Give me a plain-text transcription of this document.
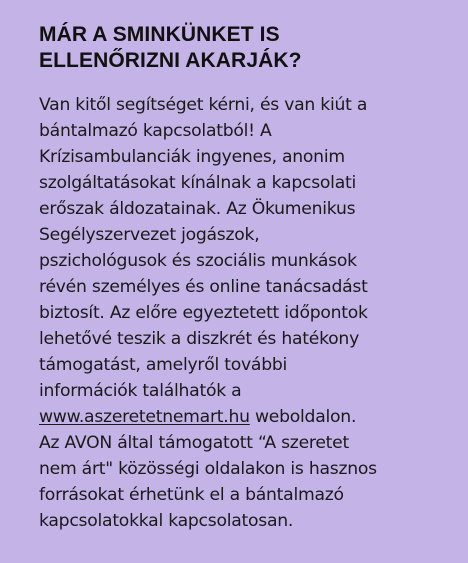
MÁR A SMINKÜNKET IS
ELLENŐRIZNI AKARJÁK?
Van kitől segítséget kérni, és van kiút a
bántalmazó kapcsolatból! A
Krízisambulanciák ingyenes, anonim
szolgáltatásokat kínálnak a kapcsolati
erőszak áldozatainak. Az Ökumenikus
Segélyszervezet jogászok,
pszichológusok és szociális munkások
révén személyes és online tanácsadást
biztosít. Az előre egyeztetett időpontok
lehetővé teszik a diszkrét és hatékony
támogatást, amelyről további
információk találhatók a
www.aszeretetnemart.hu weboldalon.
Az AVON által támogatott “A szeretet
nem árt" közösségi oldalakon is hasznos
forrásokat érhetünk el a bántalmazó
kapcsolatokkal kapcsolatosan.
